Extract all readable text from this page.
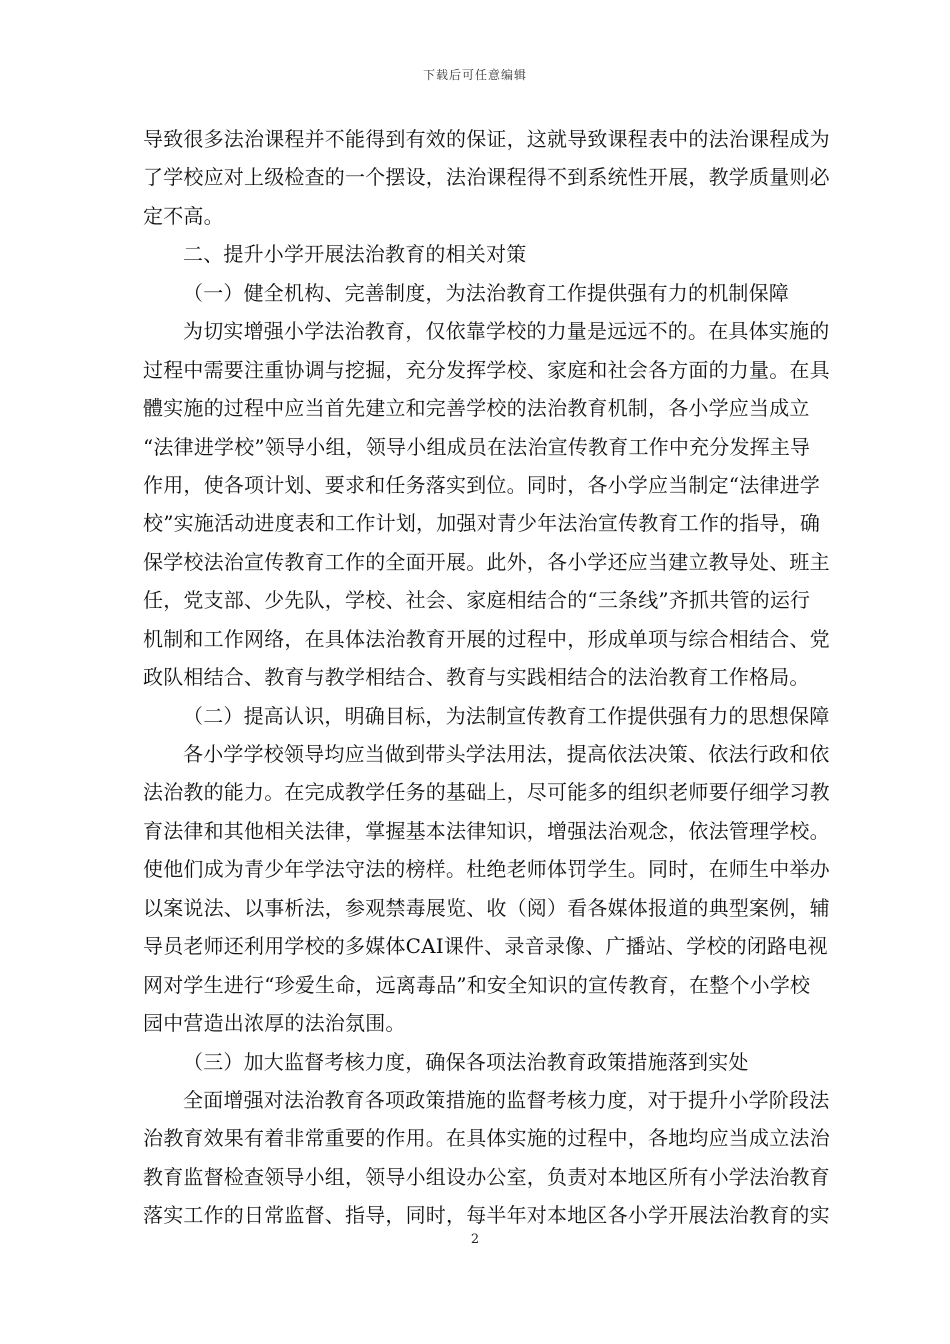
下载后可任意编辑
导致很多法治课程并不能得到有效的保证，这就导致课程表中的法治课程成为
了学校应对上级检查的一个摆设，法治课程得不到系统性开展，教学质量则必
定不高。
二、提升小学开展法治教育的相关对策
（一）健全机构、完善制度，为法治教育工作提供强有力的机制保障
为切实增强小学法治教育，仅依靠学校的力量是远远不的。在具体实施的
过程中需要注重协调与挖掘，充分发挥学校、家庭和社会各方面的力量。在具
體实施的过程中应当首先建立和完善学校的法治教育机制，各小学应当成立
“法律进学校”领导小组，领导小组成员在法治宣传教育工作中充分发挥主导
作用，使各项计划、要求和任务落实到位。同时，各小学应当制定“法律进学
校”实施活动进度表和工作计划，加强对青少年法治宣传教育工作的指导，确
保学校法治宣传教育工作的全面开展。此外，各小学还应当建立教导处、班主
任，党支部、少先队，学校、社会、家庭相结合的“三条线”齐抓共管的运行
机制和工作网络，在具体法治教育开展的过程中，形成单项与综合相结合、党
政队相结合、教育与教学相结合、教育与实践相结合的法治教育工作格局。
（二）提高认识，明确目标，为法制宣传教育工作提供强有力的思想保障
各小学学校领导均应当做到带头学法用法，提高依法决策、依法行政和依
法治教的能力。在完成教学任务的基础上，尽可能多的组织老师要仔细学习教
育法律和其他相关法律，掌握基本法律知识，增强法治观念，依法管理学校。
使他们成为青少年学法守法的榜样。杜绝老师体罚学生。同时，在师生中举办
以案说法、以事析法，参观禁毒展览、收（阅）看各媒体报道的典型案例，辅
导员老师还利用学校的多媒体CAI课件、录音录像、广播站、学校的闭路电视
网对学生进行“珍爱生命，远离毒品”和安全知识的宣传教育，在整个小学校
园中营造出浓厚的法治氛围。
（三）加大监督考核力度，确保各项法治教育政策措施落到实处
全面增强对法治教育各项政策措施的监督考核力度，对于提升小学阶段法
治教育效果有着非常重要的作用。在具体实施的过程中，各地均应当成立法治
教育监督检查领导小组，领导小组设办公室，负责对本地区所有小学法治教育
落实工作的日常监督、指导，同时，每半年对本地区各小学开展法治教育的实
2
